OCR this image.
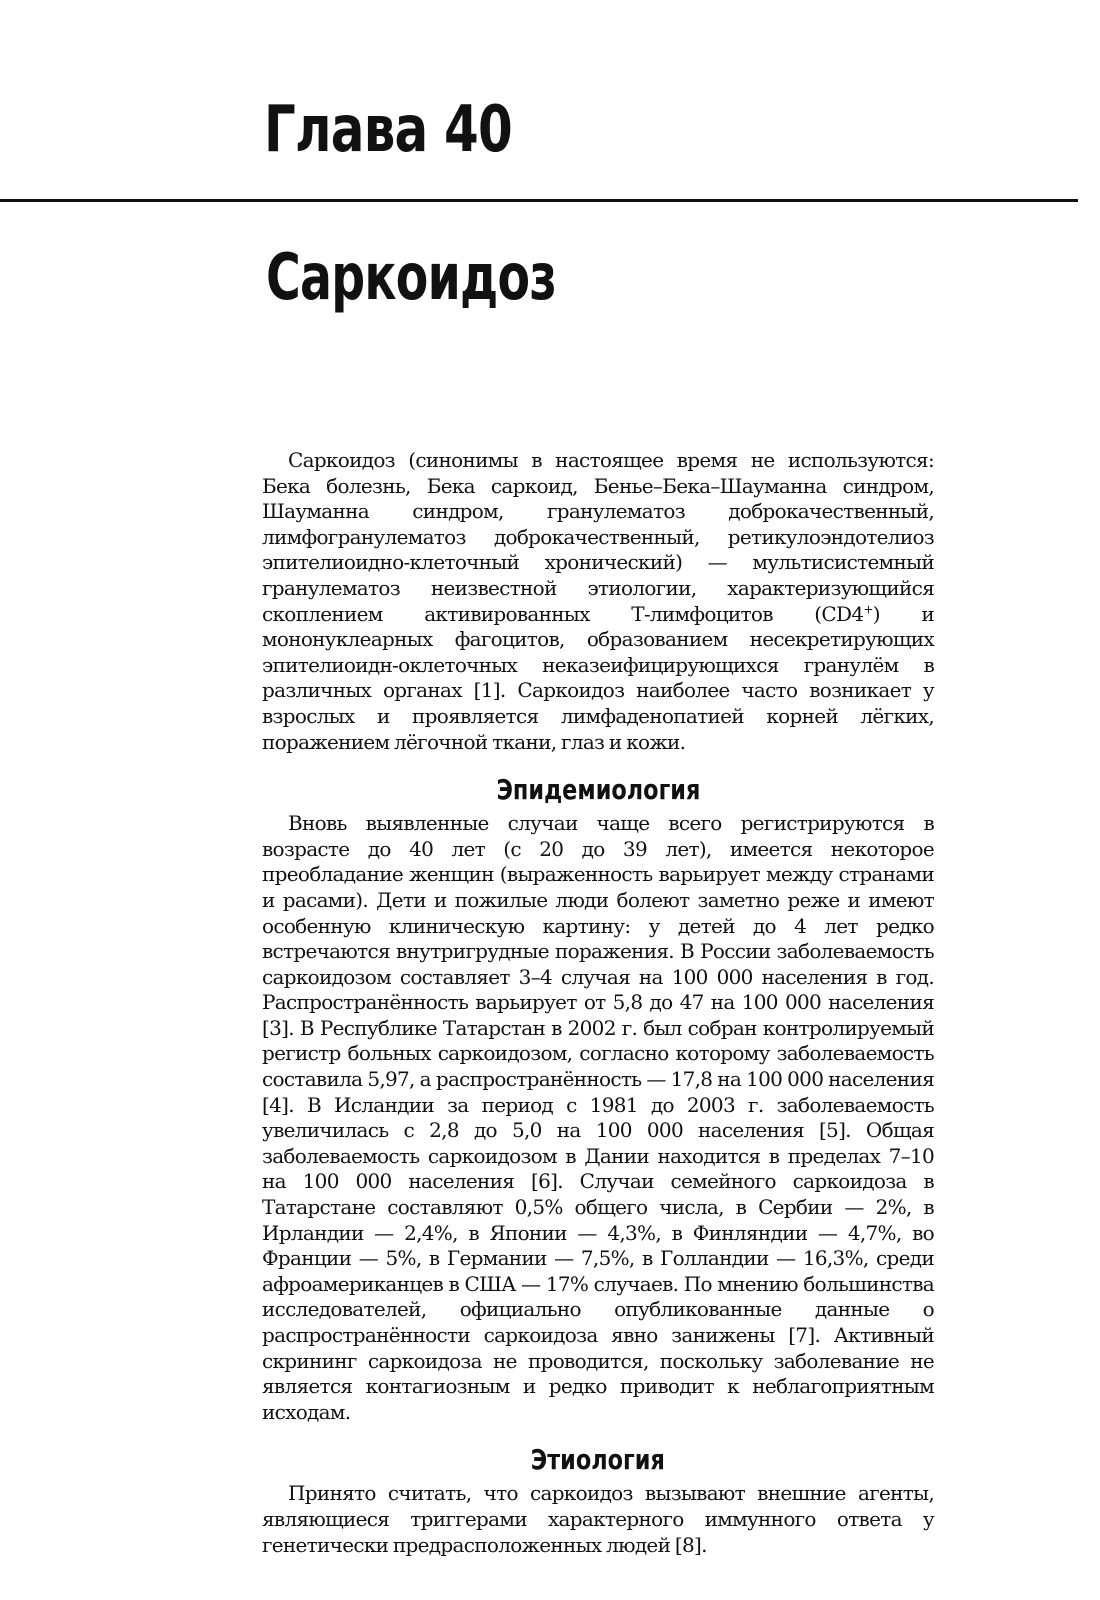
Глава 40
Саркоидоз

Саркоидоз (синонимы в настоящее время не используются: Бека болезнь, Бека саркоид, Бенье–Бека–Шауманна синдром, Шауманна синдром, гранулематоз доброкачественный, лимфогранулематоз доброкачественный, ретикулоэндотелиоз эпителиоидно-клеточный хронический) — мультисистемный гранулематоз неизвестной этиологии, характеризующийся скоплением активированных Т-лимфоцитов (CD4+) и мононуклеарных фагоцитов, образованием несекретирующих эпителиоидн-оклеточных неказеифицирующихся гранулём в различных органах [1]. Саркоидоз наиболее часто возникает у взрослых и проявляется лимфаденопатией корней лёгких, поражением лёгочной ткани, глаз и кожи.

Эпидемиология

Вновь выявленные случаи чаще всего регистрируются в возрасте до 40 лет (с 20 до 39 лет), имеется некоторое преобладание женщин (выраженность варьирует между странами и расами). Дети и пожилые люди болеют заметно реже и имеют особенную клиническую картину: у детей до 4 лет редко встречаются внутригрудные поражения. В России заболеваемость саркоидозом составляет 3–4 случая на 100 000 населения в год. Распространённость варьирует от 5,8 до 47 на 100 000 населения [3]. В Республике Татарстан в 2002 г. был собран контролируемый регистр больных саркоидозом, согласно которому заболеваемость составила 5,97, а распространённость — 17,8 на 100 000 населения [4]. В Исландии за период с 1981 до 2003 г. заболеваемость увеличилась с 2,8 до 5,0 на 100 000 населения [5]. Общая заболеваемость саркоидозом в Дании находится в пределах 7–10 на 100 000 населения [6]. Случаи семейного саркоидоза в Татарстане составляют 0,5% общего числа, в Сербии — 2%, в Ирландии — 2,4%, в Японии — 4,3%, в Финляндии — 4,7%, во Франции — 5%, в Германии — 7,5%, в Голландии — 16,3%, среди афроамериканцев в США — 17% случаев. По мнению большинства исследователей, официально опубликованные данные о распространённости саркоидоза явно занижены [7]. Активный скрининг саркоидоза не проводится, поскольку заболевание не является контагиозным и редко приводит к неблагоприятным исходам.

Этиология

Принято считать, что саркоидоз вызывают внешние агенты, являющиеся триггерами характерного иммунного ответа у генетически предрасположенных людей [8].
